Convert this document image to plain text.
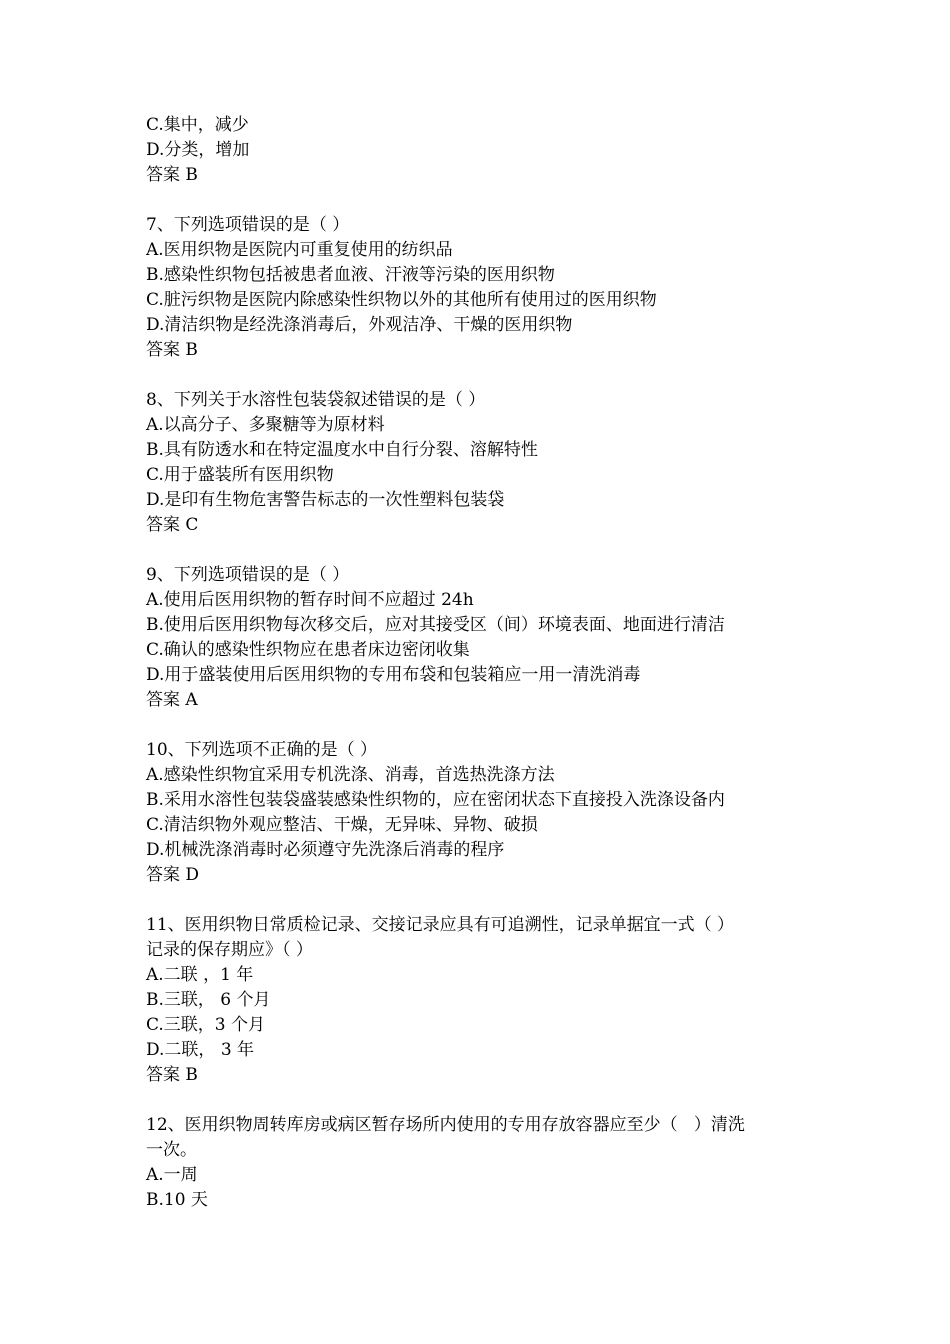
C.集中，减少
D.分类，增加
答案 B
7、下列选项错误的是（ ）
A.医用织物是医院内可重复使用的纺织品
B.感染性织物包括被患者血液、汗液等污染的医用织物
C.脏污织物是医院内除感染性织物以外的其他所有使用过的医用织物
D.清洁织物是经洗涤消毒后，外观洁净、干燥的医用织物
答案 B
8、下列关于水溶性包装袋叙述错误的是（ ）
A.以高分子、多聚糖等为原材料
B.具有防透水和在特定温度水中自行分裂、溶解特性
C.用于盛装所有医用织物
D.是印有生物危害警告标志的一次性塑料包装袋
答案 C
9、下列选项错误的是（ ）
A.使用后医用织物的暂存时间不应超过 24h
B.使用后医用织物每次移交后，应对其接受区（间）环境表面、地面进行清洁
C.确认的感染性织物应在患者床边密闭收集
D.用于盛装使用后医用织物的专用布袋和包装箱应一用一清洗消毒
答案 A
10、下列选项不正确的是（ ）
A.感染性织物宜采用专机洗涤、消毒，首选热洗涤方法
B.采用水溶性包装袋盛装感染性织物的，应在密闭状态下直接投入洗涤设备内
C.清洁织物外观应整洁、干燥，无异味、异物、破损
D.机械洗涤消毒时必须遵守先洗涤后消毒的程序
答案 D
11、医用织物日常质检记录、交接记录应具有可追溯性，记录单据宜一式（ ）
记录的保存期应》（ ）
A.二联 ，1 年
B.三联， 6 个月
C.三联，3 个月
D.二联， 3 年
答案 B
12、医用织物周转库房或病区暂存场所内使用的专用存放容器应至少（   ）清洗
一次。
A.一周
B.10 天
